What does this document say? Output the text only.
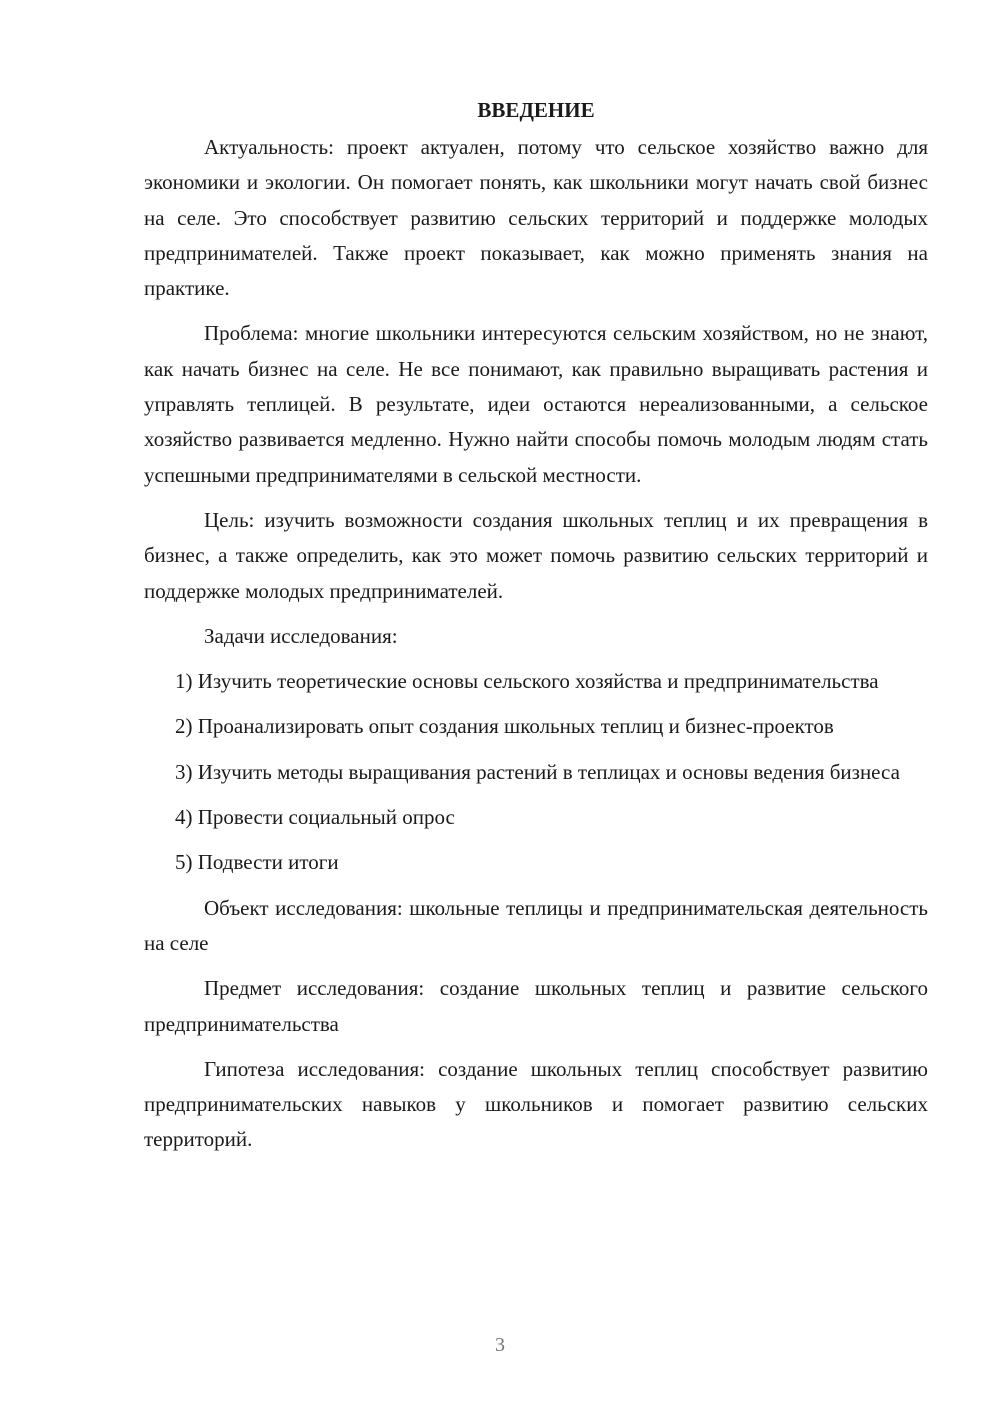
ВВЕДЕНИЕ

Актуальность: проект актуален, потому что сельское хозяйство важно для экономики и экологии. Он помогает понять, как школьники могут начать свой бизнес на селе. Это способствует развитию сельских территорий и поддержке молодых предпринимателей. Также проект показывает, как можно применять знания на практике.

Проблема: многие школьники интересуются сельским хозяйством, но не знают, как начать бизнес на селе. Не все понимают, как правильно выращивать растения и управлять теплицей. В результате, идеи остаются нереализованными, а сельское хозяйство развивается медленно. Нужно найти способы помочь молодым людям стать успешными предпринимателями в сельской местности.

Цель: изучить возможности создания школьных теплиц и их превращения в бизнес, а также определить, как это может помочь развитию сельских территорий и поддержке молодых предпринимателей.

Задачи исследования:

1) Изучить теоретические основы сельского хозяйства и предпринимательства

2) Проанализировать опыт создания школьных теплиц и бизнес-проектов

3) Изучить методы выращивания растений в теплицах и основы ведения бизнеса

4) Провести социальный опрос

5) Подвести итоги

Объект исследования: школьные теплицы и предпринимательская деятельность на селе

Предмет исследования: создание школьных теплиц и развитие сельского предпринимательства

Гипотеза исследования: создание школьных теплиц способствует развитию предпринимательских навыков у школьников и помогает развитию сельских территорий.

3
